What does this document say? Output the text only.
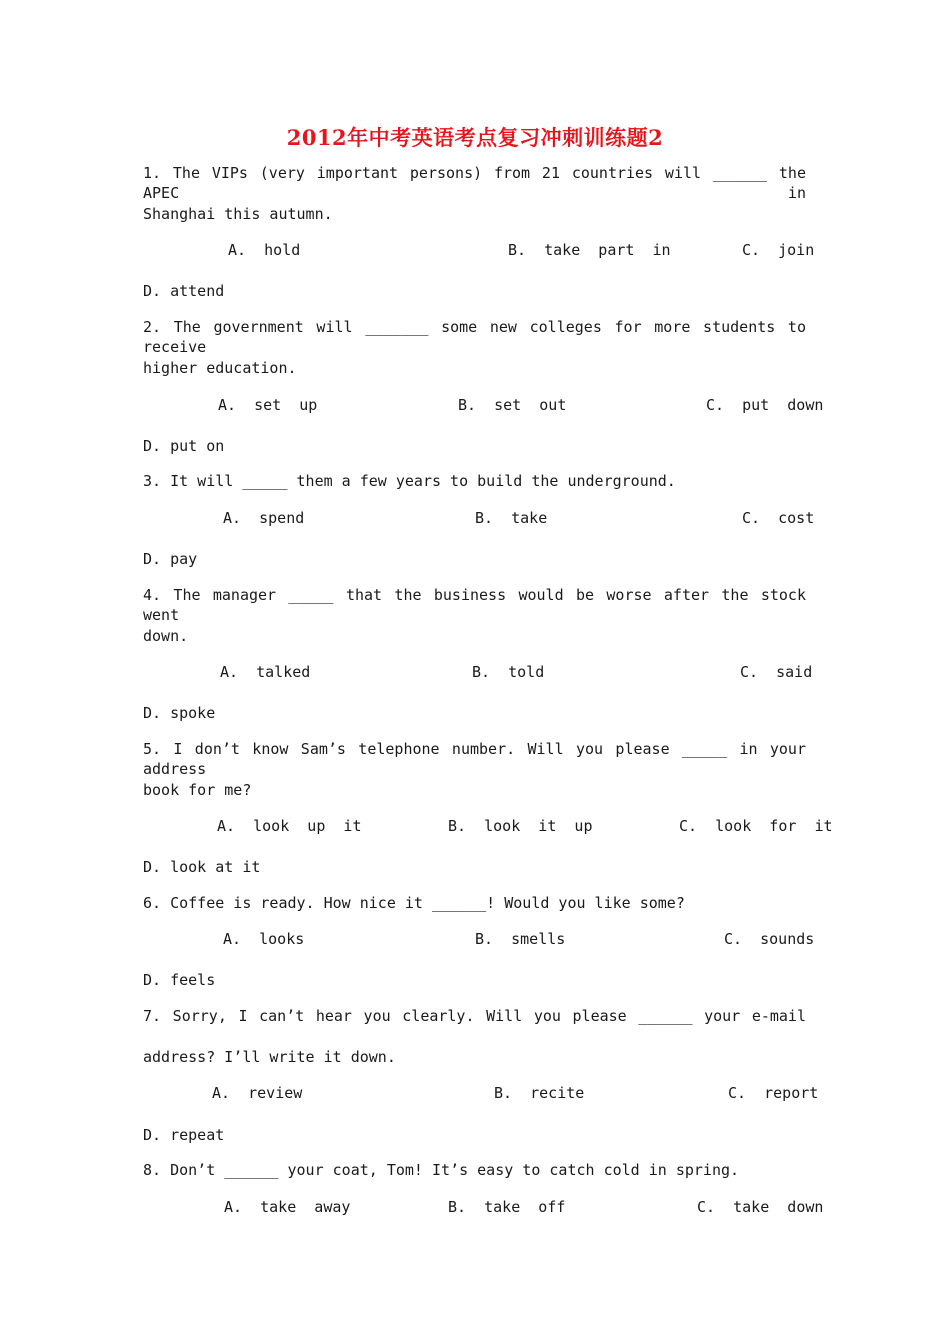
2012年中考英语考点复习冲刺训练题2
1. The VIPs (very important persons) from 21 countries will ______ the APEC in
Shanghai this autumn.
A.  hold	B.  take  part  in	C.  join
D. attend
2. The government will _______ some new colleges for more students to receive
higher education.
A.  set  up	B.  set  out	C.  put  down
D. put on
3. It will _____ them a few years to build the underground.
A.  spend	B.  take	C.  cost
D. pay
4. The manager _____ that the business would be worse after the stock went
down.
A.  talked	B.  told	C.  said
D. spoke
5. I don’t know Sam’s telephone number. Will you please _____ in your address
book for me?
A.  look  up  it	B.  look  it  up	C.  look  for  it
D. look at it
6. Coffee is ready. How nice it ______! Would you like some?
A.  looks	B.  smells	C.  sounds
D. feels
7. Sorry, I can’t hear you clearly. Will you please ______ your e-mail
address? I’ll write it down.
A.  review	B.  recite	C.  report
D. repeat
8. Don’t ______ your coat, Tom! It’s easy to catch cold in spring.
A.  take  away	B.  take  off	C.  take  down
